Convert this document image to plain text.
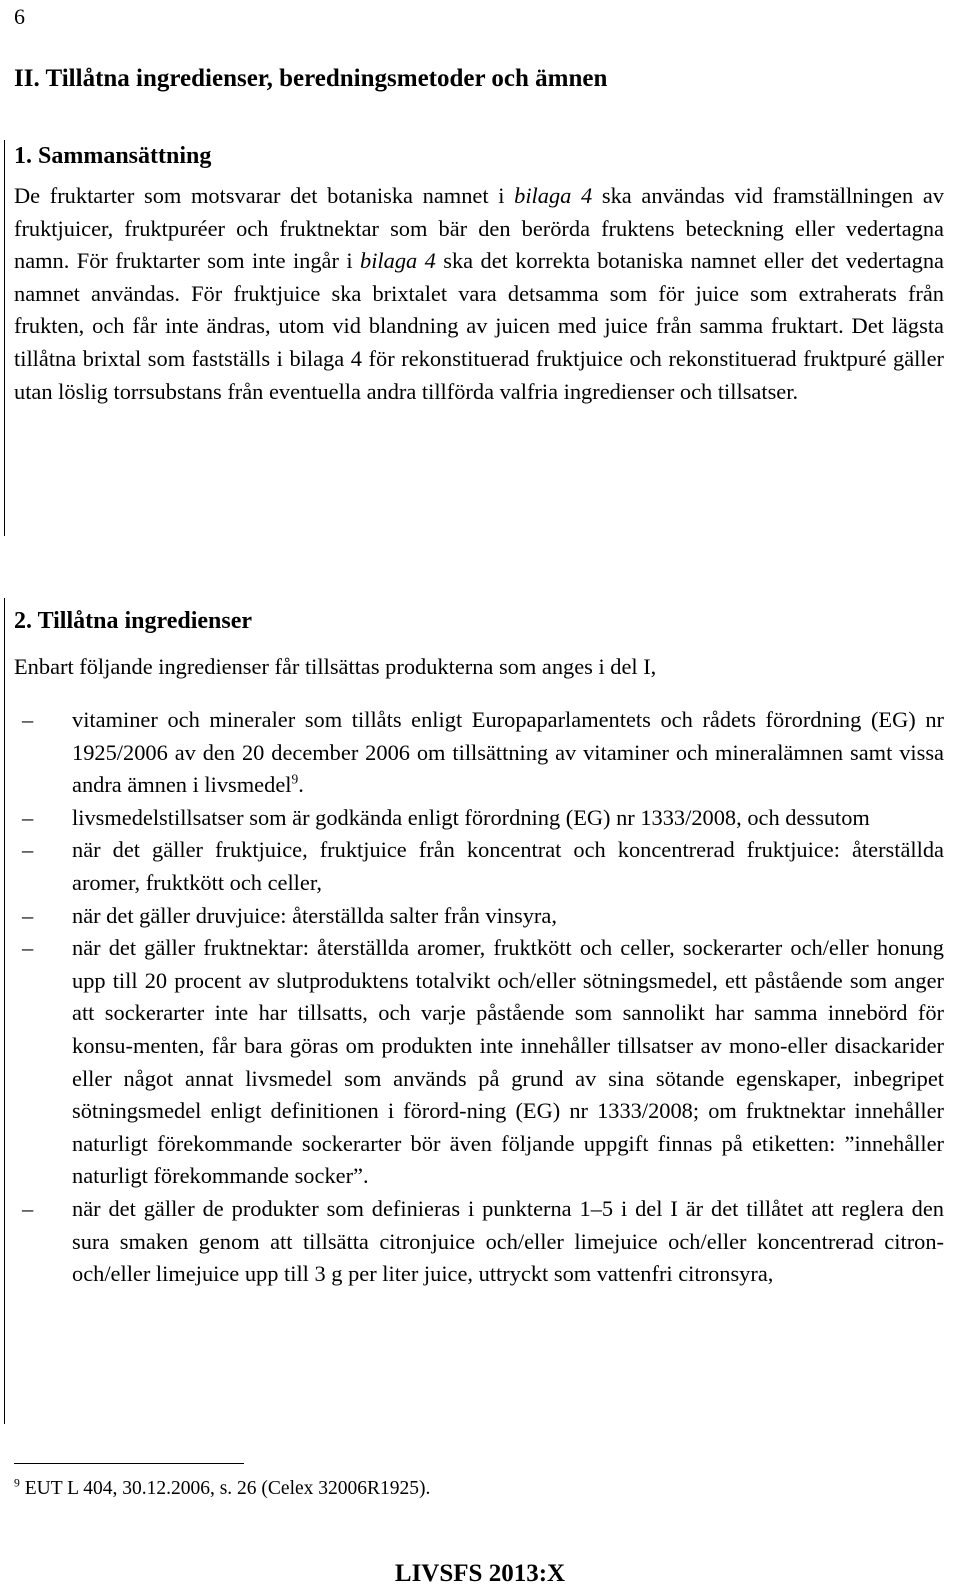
6
II. Tillåtna ingredienser, beredningsmetoder och ämnen
1. Sammansättning

De fruktarter som motsvarar det botaniska namnet i bilaga 4 ska användas vid framställningen av fruktjuicer, fruktpuréer och fruktnektar som bär den berörda fruktens beteckning eller vedertagna namn. För fruktarter som inte ingår i bilaga 4 ska det korrekta botaniska namnet eller det vedertagna namnet användas. För fruktjuice ska brixtalet vara detsamma som för juice som extraherats från frukten, och får inte ändras, utom vid blandning av juicen med juice från samma fruktart. Det lägsta tillåtna brixtal som fastställs i bilaga 4 för rekonstituerad fruktjuice och rekonstituerad fruktpuré gäller utan löslig torrsubstans från eventuella andra tillförda valfria ingredienser och tillsatser.

2. Tillåtna ingredienser

Enbart följande ingredienser får tillsättas produkterna som anges i del I,

– vitaminer och mineraler som tillåts enligt Europaparlamentets och rådets förordning (EG) nr 1925/2006 av den 20 december 2006 om tillsättning av vitaminer och mineralämnen samt vissa andra ämnen i livsmedel$^9$.
– livsmedelstillsatser som är godkända enligt förordning (EG) nr 1333/2008, och dessutom
– när det gäller fruktjuice, fruktjuice från koncentrat och koncentrerad fruktjuice: återställda aromer, fruktkött och celler,
– när det gäller druvjuice: återställda salter från vinsyra,
– när det gäller fruktnektar: återställda aromer, fruktkött och celler, sockerarter och/eller honung upp till 20 procent av slutproduktens totalvikt och/eller sötningsmedel, ett påstående som anger att sockerarter inte har tillsatts, och varje påstående som sannolikt har samma innebörd för konsu-menten, får bara göras om produkten inte innehåller tillsatser av mono-eller disackarider eller något annat livsmedel som används på grund av sina sötande egenskaper, inbegripet sötningsmedel enligt definitionen i förord-ning (EG) nr 1333/2008; om fruktnektar innehåller naturligt förekommande sockerarter bör även följande uppgift finnas på etiketten: ”innehåller naturligt förekommande socker”.
– när det gäller de produkter som definieras i punkterna 1–5 i del I är det tillåtet att reglera den sura smaken genom att tillsätta citronjuice och/eller limejuice och/eller koncentrerad citron- och/eller limejuice upp till 3 g per liter juice, uttryckt som vattenfri citronsyra,
$^9$ EUT L 404, 30.12.2006, s. 26 (Celex 32006R1925).
LIVSFS 2013:X
